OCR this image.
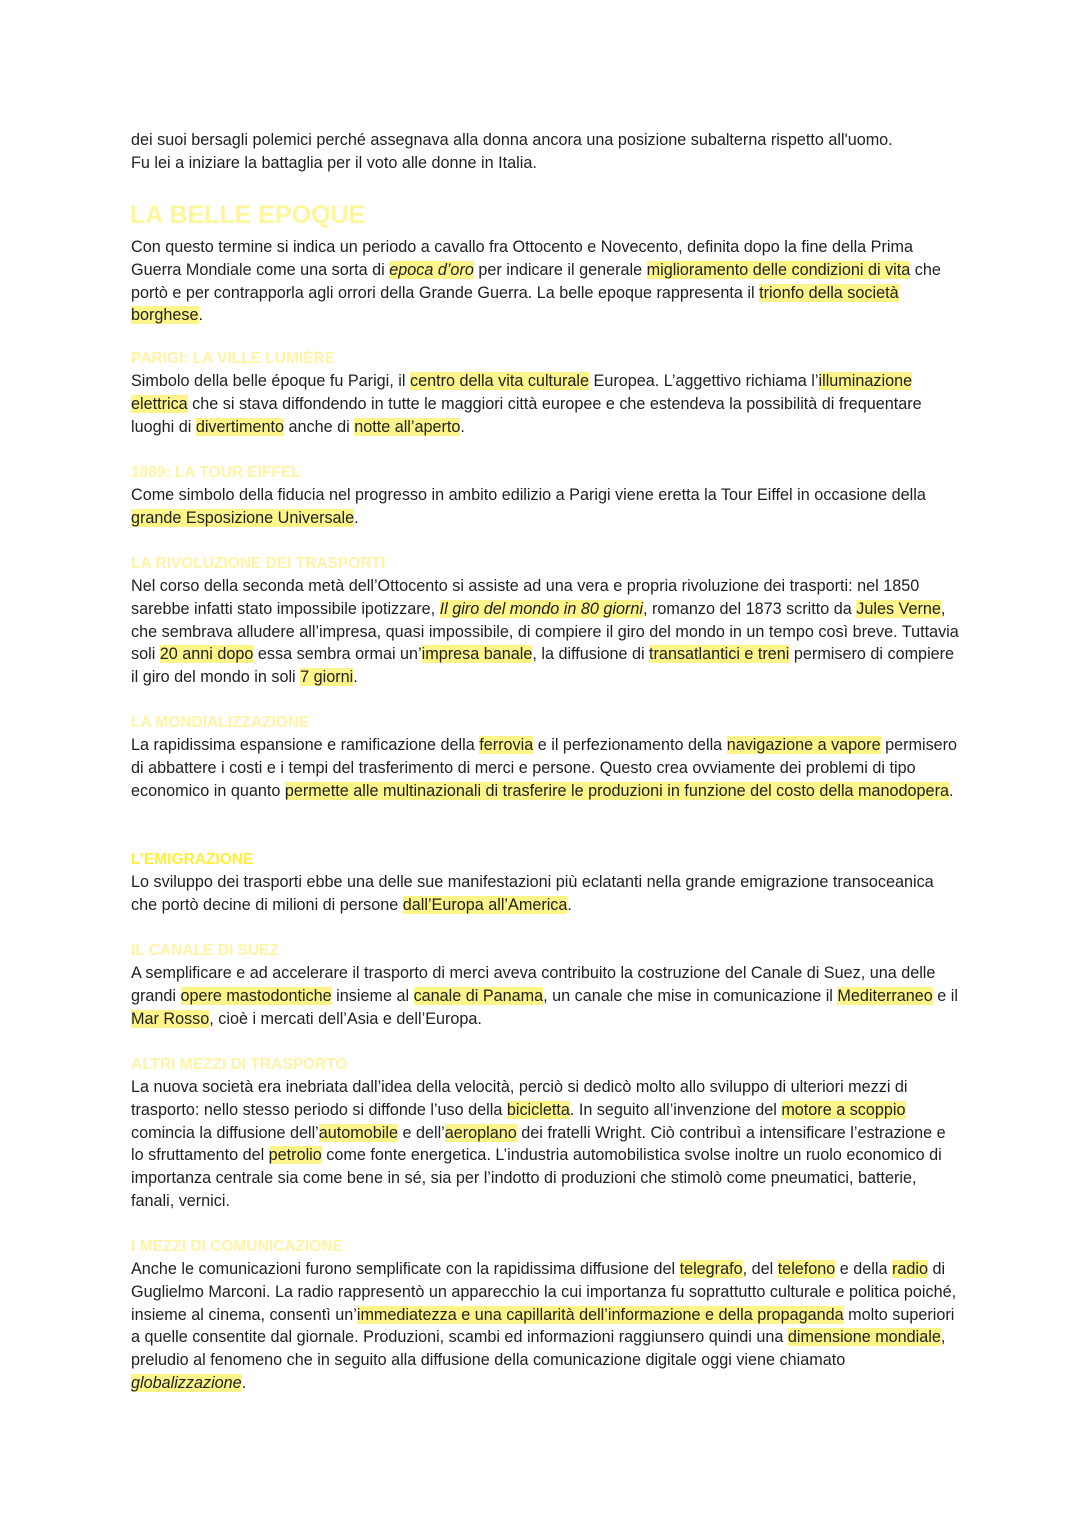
dei suoi bersagli polemici perché assegnava alla donna ancora una posizione subalterna rispetto all'uomo.
Fu lei a iniziare la battaglia per il voto alle donne in Italia.

LA BELLE EPOQUE

Con questo termine si indica un periodo a cavallo fra Ottocento e Novecento, definita dopo la fine della Prima Guerra Mondiale come una sorta di epoca d’oro per indicare il generale miglioramento delle condizioni di vita che portò e per contrapporla agli orrori della Grande Guerra. La belle epoque rappresenta il trionfo della società borghese.

PARIGI: LA VILLE LUMIÈRE

Simbolo della belle époque fu Parigi, il centro della vita culturale Europea. L’aggettivo richiama l’illuminazione elettrica che si stava diffondendo in tutte le maggiori città europee e che estendeva la possibilità di frequentare luoghi di divertimento anche di notte all’aperto.

1889: LA TOUR EIFFEL

Come simbolo della fiducia nel progresso in ambito edilizio a Parigi viene eretta la Tour Eiffel in occasione della grande Esposizione Universale.

LA RIVOLUZIONE DEI TRASPORTI

Nel corso della seconda metà dell’Ottocento si assiste ad una vera e propria rivoluzione dei trasporti: nel 1850 sarebbe infatti stato impossibile ipotizzare, Il giro del mondo in 80 giorni, romanzo del 1873 scritto da Jules Verne, che sembrava alludere all’impresa, quasi impossibile, di compiere il giro del mondo in un tempo così breve. Tuttavia soli 20 anni dopo essa sembra ormai un’impresa banale, la diffusione di transatlantici e treni permisero di compiere il giro del mondo in soli 7 giorni.

LA MONDIALIZZAZIONE

La rapidissima espansione e ramificazione della ferrovia e il perfezionamento della navigazione a vapore permisero di abbattere i costi e i tempi del trasferimento di merci e persone. Questo crea ovviamente dei problemi di tipo economico in quanto permette alle multinazionali di trasferire le produzioni in funzione del costo della manodopera.

L’EMIGRAZIONE

Lo sviluppo dei trasporti ebbe una delle sue manifestazioni più eclatanti nella grande emigrazione transoceanica che portò decine di milioni di persone dall’Europa all’America.

IL CANALE DI SUEZ

A semplificare e ad accelerare il trasporto di merci aveva contribuito la costruzione del Canale di Suez, una delle grandi opere mastodontiche insieme al canale di Panama, un canale che mise in comunicazione il Mediterraneo e il Mar Rosso, cioè i mercati dell’Asia e dell’Europa.

ALTRI MEZZI DI TRASPORTO

La nuova società era inebriata dall’idea della velocità, perciò si dedicò molto allo sviluppo di ulteriori mezzi di trasporto: nello stesso periodo si diffonde l’uso della bicicletta. In seguito all’invenzione del motore a scoppio comincia la diffusione dell’automobile e dell’aeroplano dei fratelli Wright. Ciò contribuì a intensificare l’estrazione e lo sfruttamento del petrolio come fonte energetica. L’industria automobilistica svolse inoltre un ruolo economico di importanza centrale sia come bene in sé, sia per l’indotto di produzioni che stimolò come pneumatici, batterie, fanali, vernici.

I MEZZI DI COMUNICAZIONE

Anche le comunicazioni furono semplificate con la rapidissima diffusione del telegrafo, del telefono e della radio di Guglielmo Marconi. La radio rappresentò un apparecchio la cui importanza fu soprattutto culturale e politica poiché, insieme al cinema, consentì un’immediatezza e una capillarità dell’informazione e della propaganda molto superiori a quelle consentite dal giornale. Produzioni, scambi ed informazioni raggiunsero quindi una dimensione mondiale, preludio al fenomeno che in seguito alla diffusione della comunicazione digitale oggi viene chiamato globalizzazione.
